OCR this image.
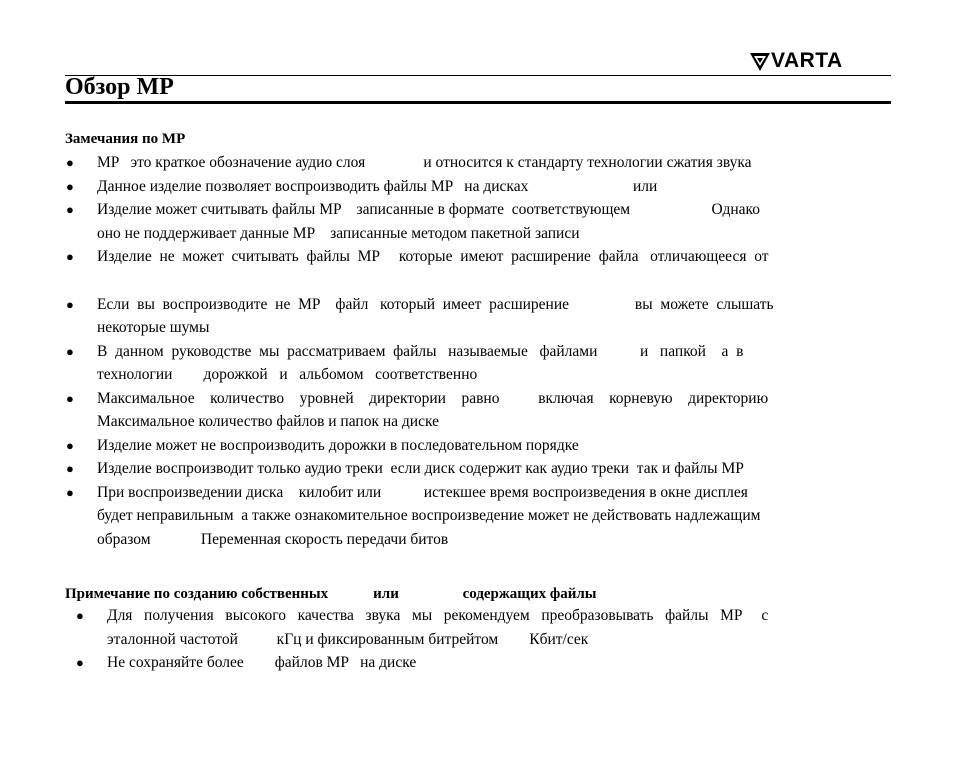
VARTA
Обзор MP
Замечания по MP
● MP   это краткое обозначение аудио слоя               и относится к стандарту технологии сжатия звука
● Данное изделие позволяет воспроизводить файлы MP   на дисках                           или
● Изделие может считывать файлы MP    записанные в формате  соответствующем                     Однако
оно не поддерживает данные MP    записанные методом пакетной записи
● Изделие  не  может  считывать  файлы  MP     которые  имеют  расширение  файла   отличающееся  от
● Если  вы  воспроизводите  не  MP    файл   который  имеет  расширение                 вы  можете  слышать
некоторые шумы
● В  данном  руководстве  мы  рассматриваем  файлы   называемые   файлами           и   папкой    а  в
технологии        дорожкой   и   альбомом   соответственно
● Максимальное    количество    уровней    директории    равно          включая    корневую    директорию
Максимальное количество файлов и папок на диске
● Изделие может не воспроизводить дорожки в последовательном порядке
● Изделие воспроизводит только аудио треки  если диск содержит как аудио треки  так и файлы MP
● При воспроизведении диска    килобит или           истекшее время воспроизведения в окне дисплея
будет неправильным  а также ознакомительное воспроизведение может не действовать надлежащим
образом             Переменная скорость передачи битов
Примечание по созданию собственных            или                 содержащих файлы
● Для   получения   высокого   качества   звука   мы   рекомендуем   преобразовывать   файлы   MP     с
эталонной частотой          кГц и фиксированным битрейтом        Кбит/сек
● Не сохраняйте более        файлов MP   на диске
